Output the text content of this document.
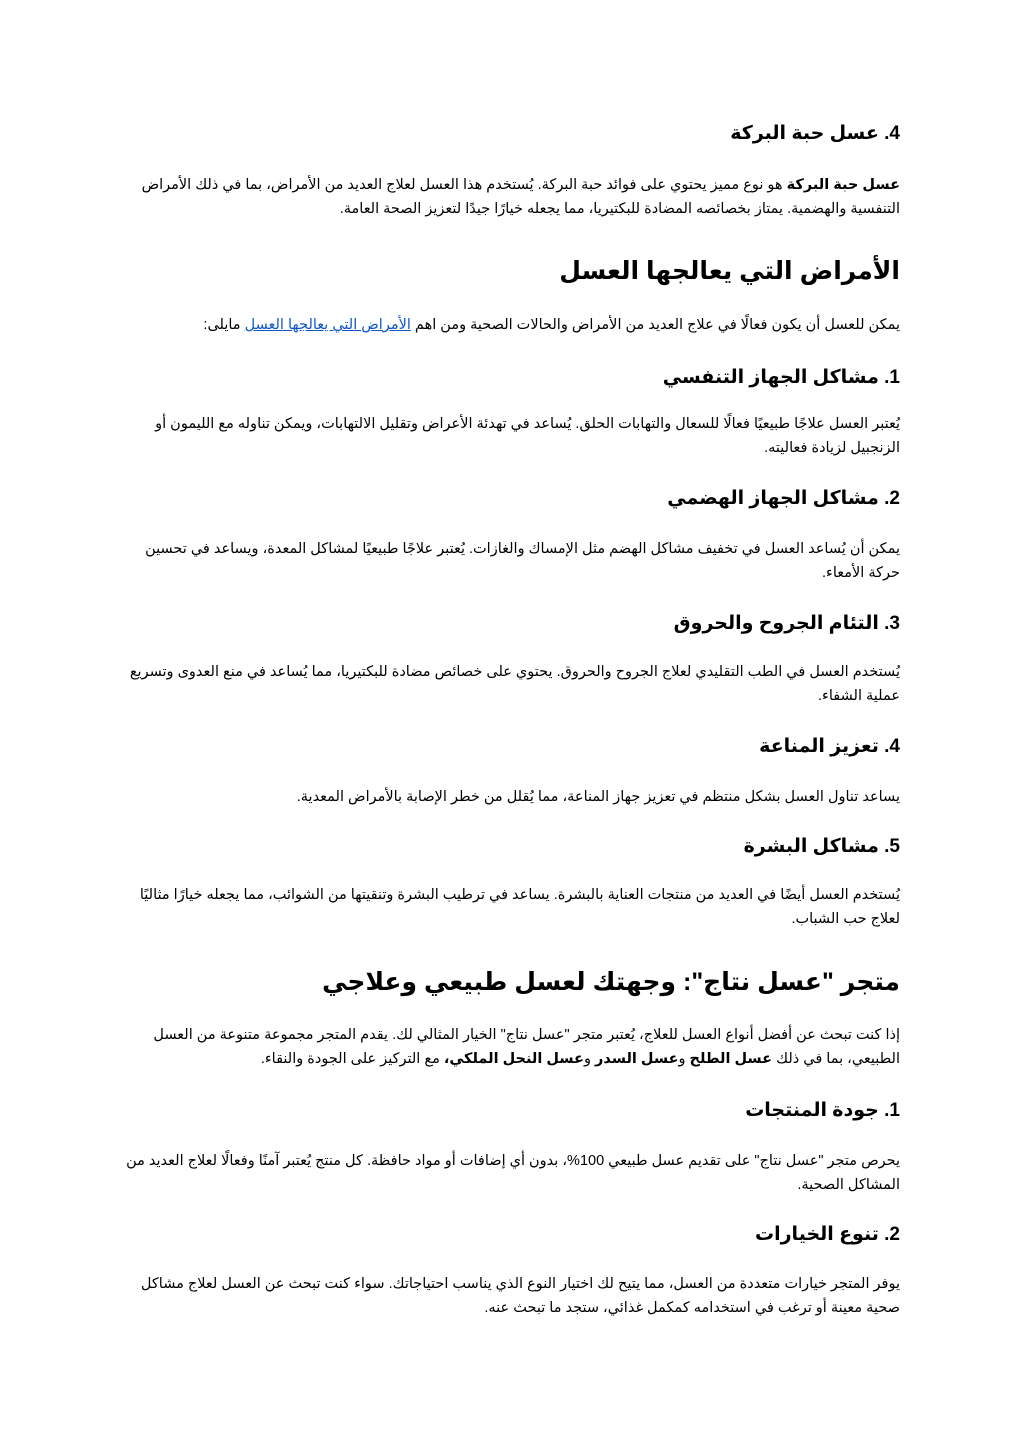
4. عسل حبة البركة

عسل حبة البركة هو نوع مميز يحتوي على فوائد حبة البركة. يُستخدم هذا العسل لعلاج العديد من الأمراض، بما في ذلك الأمراض التنفسية والهضمية. يمتاز بخصائصه المضادة للبكتيريا، مما يجعله خيارًا جيدًا لتعزيز الصحة العامة.

الأمراض التي يعالجها العسل

يمكن للعسل أن يكون فعالًا في علاج العديد من الأمراض والحالات الصحية ومن اهم الأمراض التي يعالجها العسل مايلى:

1. مشاكل الجهاز التنفسي

يُعتبر العسل علاجًا طبيعيًا فعالًا للسعال والتهابات الحلق. يُساعد في تهدئة الأعراض وتقليل الالتهابات، ويمكن تناوله مع الليمون أو الزنجبيل لزيادة فعاليته.

2. مشاكل الجهاز الهضمي

يمكن أن يُساعد العسل في تخفيف مشاكل الهضم مثل الإمساك والغازات. يُعتبر علاجًا طبيعيًا لمشاكل المعدة، ويساعد في تحسين حركة الأمعاء.

3. التئام الجروح والحروق

يُستخدم العسل في الطب التقليدي لعلاج الجروح والحروق. يحتوي على خصائص مضادة للبكتيريا، مما يُساعد في منع العدوى وتسريع عملية الشفاء.

4. تعزيز المناعة

يساعد تناول العسل بشكل منتظم في تعزيز جهاز المناعة، مما يُقلل من خطر الإصابة بالأمراض المعدية.

5. مشاكل البشرة

يُستخدم العسل أيضًا في العديد من منتجات العناية بالبشرة. يساعد في ترطيب البشرة وتنقيتها من الشوائب، مما يجعله خيارًا مثاليًا لعلاج حب الشباب.

متجر "عسل نتاج": وجهتك لعسل طبيعي وعلاجي

إذا كنت تبحث عن أفضل أنواع العسل للعلاج، يُعتبر متجر "عسل نتاج" الخيار المثالي لك. يقدم المتجر مجموعة متنوعة من العسل الطبيعي، بما في ذلك عسل الطلح وعسل السدر وعسل النحل الملكي، مع التركيز على الجودة والنقاء.

1. جودة المنتجات

يحرص متجر "عسل نتاج" على تقديم عسل طبيعي 100%، بدون أي إضافات أو مواد حافظة. كل منتج يُعتبر آمنًا وفعالًا لعلاج العديد من المشاكل الصحية.

2. تنوع الخيارات

يوفر المتجر خيارات متعددة من العسل، مما يتيح لك اختيار النوع الذي يناسب احتياجاتك. سواء كنت تبحث عن العسل لعلاج مشاكل صحية معينة أو ترغب في استخدامه كمكمل غذائي، ستجد ما تبحث عنه.
